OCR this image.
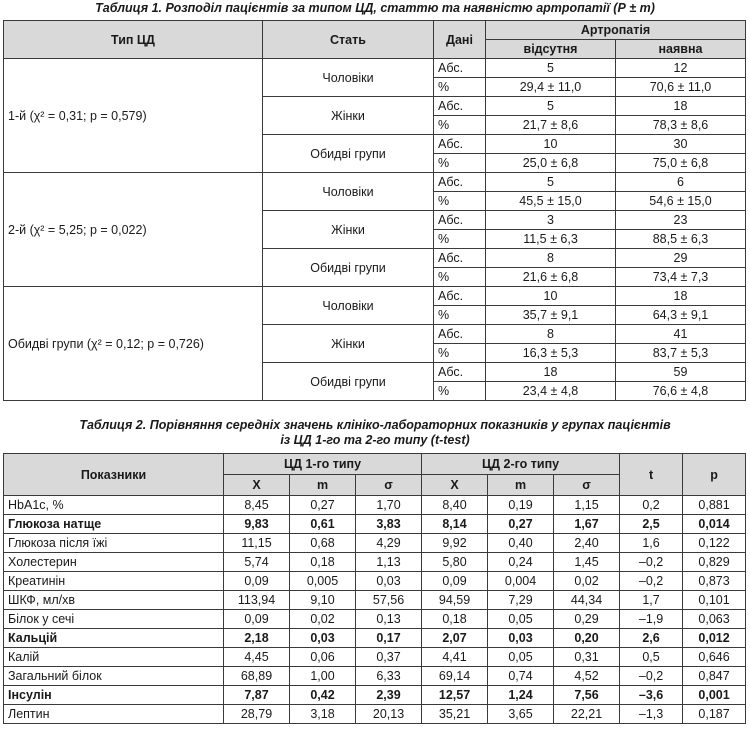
Таблиця 1. Розподіл пацієнтів за типом ЦД, статтю та наявністю артропатії (Р ± m)
Тип ЦД	Стать	Дані	Артропатія	
			відсутня	наявна
1-й (χ² = 0,31; р = 0,579)	Чоловіки	Абс.	5	12
		%	29,4 ± 11,0	70,6 ± 11,0
	Жінки	Абс.	5	18
		%	21,7 ± 8,6	78,3 ± 8,6
	Обидві групи	Абс.	10	30
		%	25,0 ± 6,8	75,0 ± 6,8
2-й (χ² = 5,25; р = 0,022)	Чоловіки	Абс.	5	6
		%	45,5 ± 15,0	54,6 ± 15,0
	Жінки	Абс.	3	23
		%	11,5 ± 6,3	88,5 ± 6,3
	Обидві групи	Абс.	8	29
		%	21,6 ± 6,8	73,4 ± 7,3
Обидві групи (χ² = 0,12; р = 0,726)	Чоловіки	Абс.	10	18
		%	35,7 ± 9,1	64,3 ± 9,1
	Жінки	Абс.	8	41
		%	16,3 ± 5,3	83,7 ± 5,3
	Обидві групи	Абс.	18	59
		%	23,4 ± 4,8	76,6 ± 4,8
Таблиця 2. Порівняння середніх значень клініко-лабораторних показників у групах пацієнтів
із ЦД 1-го та 2-го типу (t-test)
Показники	ЦД 1-го типу			ЦД 2-го типу			t	р
	Х	m	σ	Х	m	σ		
HbA1c, %	8,45	0,27	1,70	8,40	0,19	1,15	0,2	0,881
Глюкоза натще	9,83	0,61	3,83	8,14	0,27	1,67	2,5	0,014
Глюкоза після їжі	11,15	0,68	4,29	9,92	0,40	2,40	1,6	0,122
Холестерин	5,74	0,18	1,13	5,80	0,24	1,45	–0,2	0,829
Креатинін	0,09	0,005	0,03	0,09	0,004	0,02	–0,2	0,873
ШКФ, мл/хв	113,94	9,10	57,56	94,59	7,29	44,34	1,7	0,101
Білок у сечі	0,09	0,02	0,13	0,18	0,05	0,29	–1,9	0,063
Кальцій	2,18	0,03	0,17	2,07	0,03	0,20	2,6	0,012
Калій	4,45	0,06	0,37	4,41	0,05	0,31	0,5	0,646
Загальний білок	68,89	1,00	6,33	69,14	0,74	4,52	–0,2	0,847
Інсулін	7,87	0,42	2,39	12,57	1,24	7,56	–3,6	0,001
Лептин	28,79	3,18	20,13	35,21	3,65	22,21	–1,3	0,187
